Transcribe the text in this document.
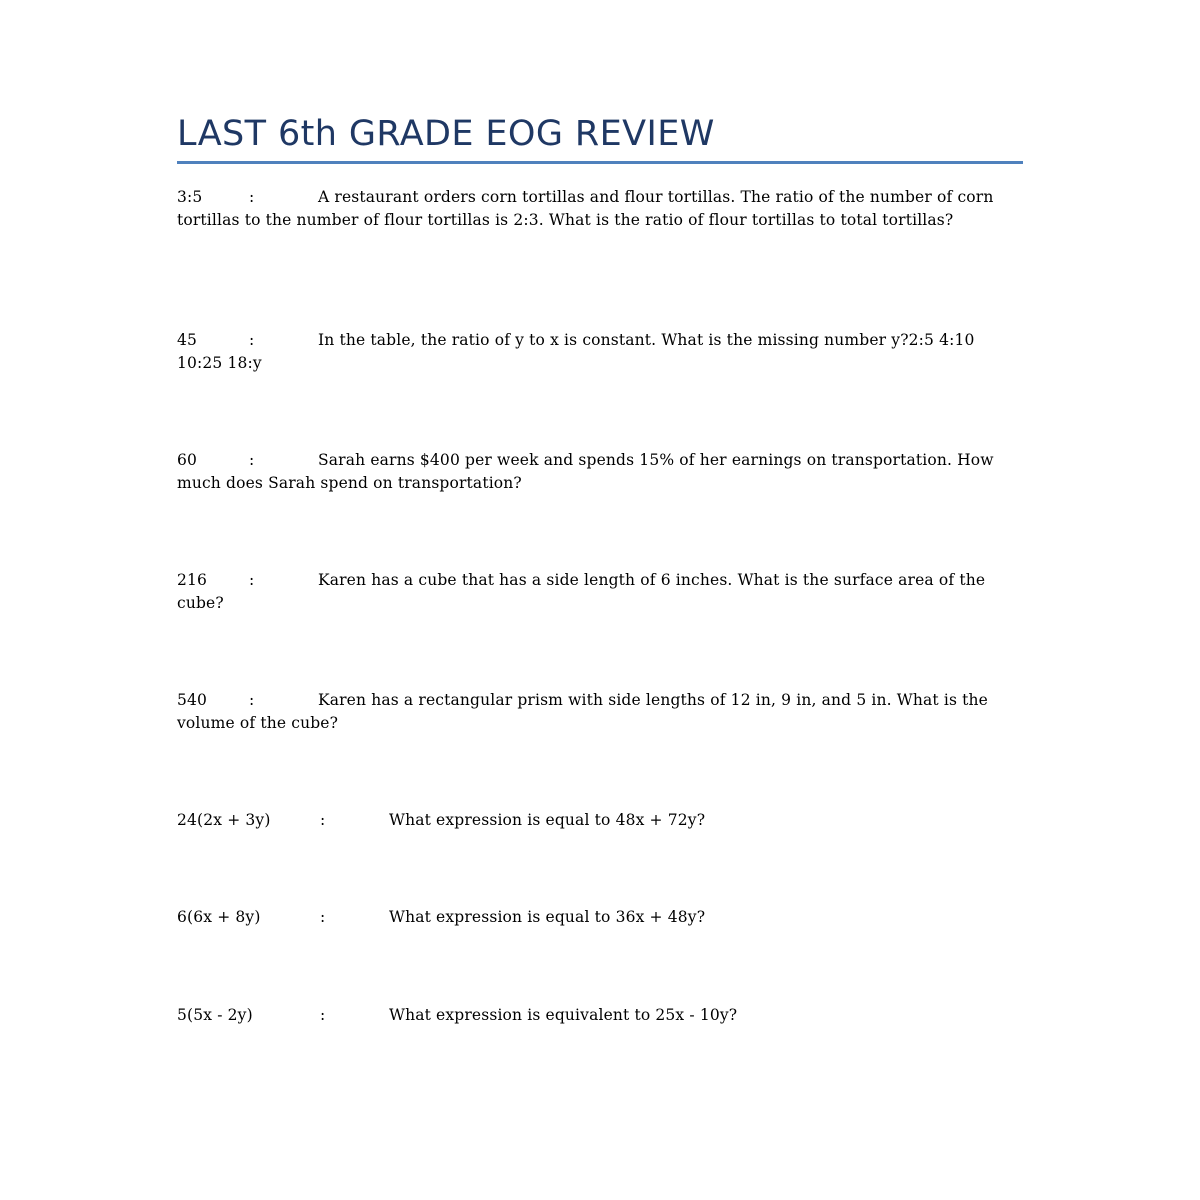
LAST 6th GRADE EOG REVIEW
3:5	:	A restaurant orders corn tortillas and flour tortillas. The ratio of the number of corn tortillas to the number of flour tortillas is 2:3. What is the ratio of flour tortillas to total tortillas?
45	:	In the table, the ratio of y to x is constant. What is the missing number y?2:5 4:10 10:25 18:y
60	:	Sarah earns $400 per week and spends 15% of her earnings on transportation. How much does Sarah spend on transportation?
216	:	Karen has a cube that has a side length of 6 inches. What is the surface area of the cube?
540	:	Karen has a rectangular prism with side lengths of 12 in, 9 in, and 5 in. What is the volume of the cube?
24(2x + 3y)	:	What expression is equal to 48x + 72y?
6(6x + 8y)	:	What expression is equal to 36x + 48y?
5(5x - 2y)	:	What expression is equivalent to 25x - 10y?
